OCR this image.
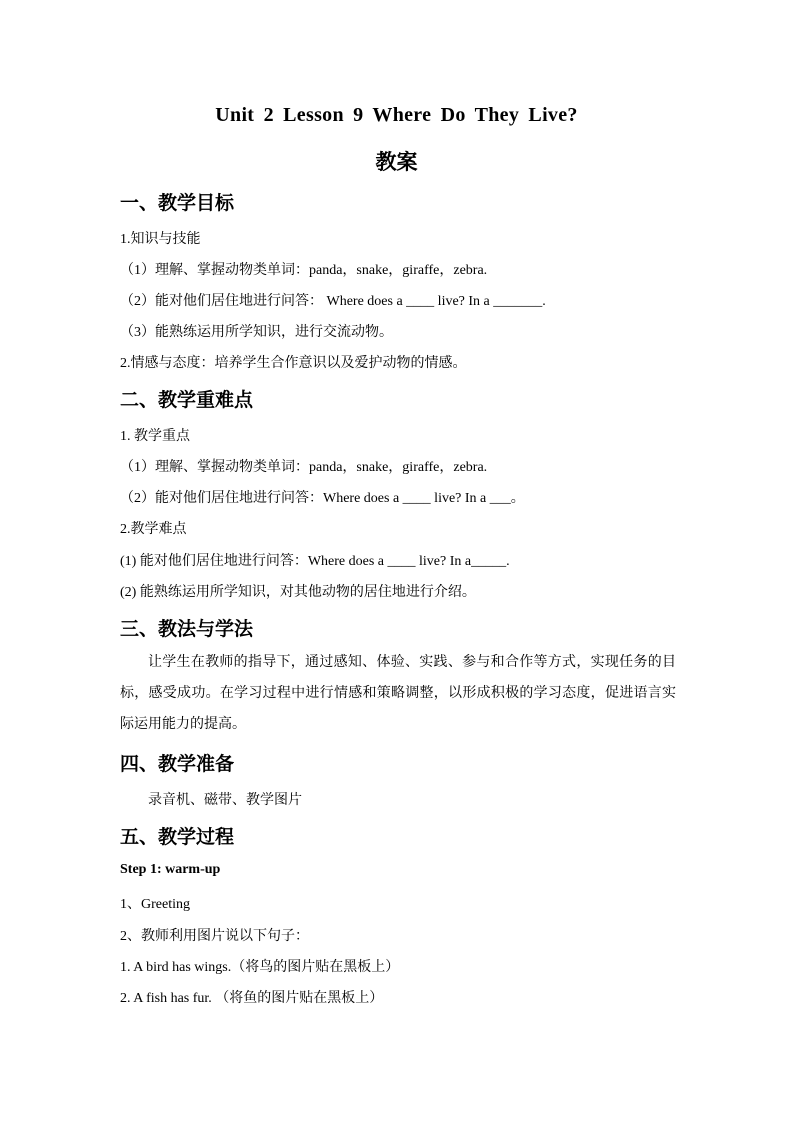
Unit 2 Lesson 9 Where Do They Live?
教案
一、教学目标
1.知识与技能
（1）理解、掌握动物类单词：panda，snake，giraffe，zebra.
（2）能对他们居住地进行问答： Where does a ____ live? In a _______.
（3）能熟练运用所学知识，进行交流动物。
2.情感与态度：培养学生合作意识以及爱护动物的情感。
二、教学重难点
1. 教学重点
（1）理解、掌握动物类单词：panda，snake，giraffe，zebra.
（2）能对他们居住地进行问答：Where does a ____ live? In a ___。
2.教学难点
(1) 能对他们居住地进行问答：Where does a ____ live? In a_____.
(2) 能熟练运用所学知识，对其他动物的居住地进行介绍。
三、教法与学法
让学生在教师的指导下，通过感知、体验、实践、参与和合作等方式，实现任务的目标，感受成功。在学习过程中进行情感和策略调整，以形成积极的学习态度，促进语言实际运用能力的提高。
四、教学准备
录音机、磁带、教学图片
五、教学过程
Step 1: warm-up
1、Greeting
2、教师利用图片说以下句子：
1. A bird has wings.（将鸟的图片贴在黑板上）
2. A fish has fur. （将鱼的图片贴在黑板上）
